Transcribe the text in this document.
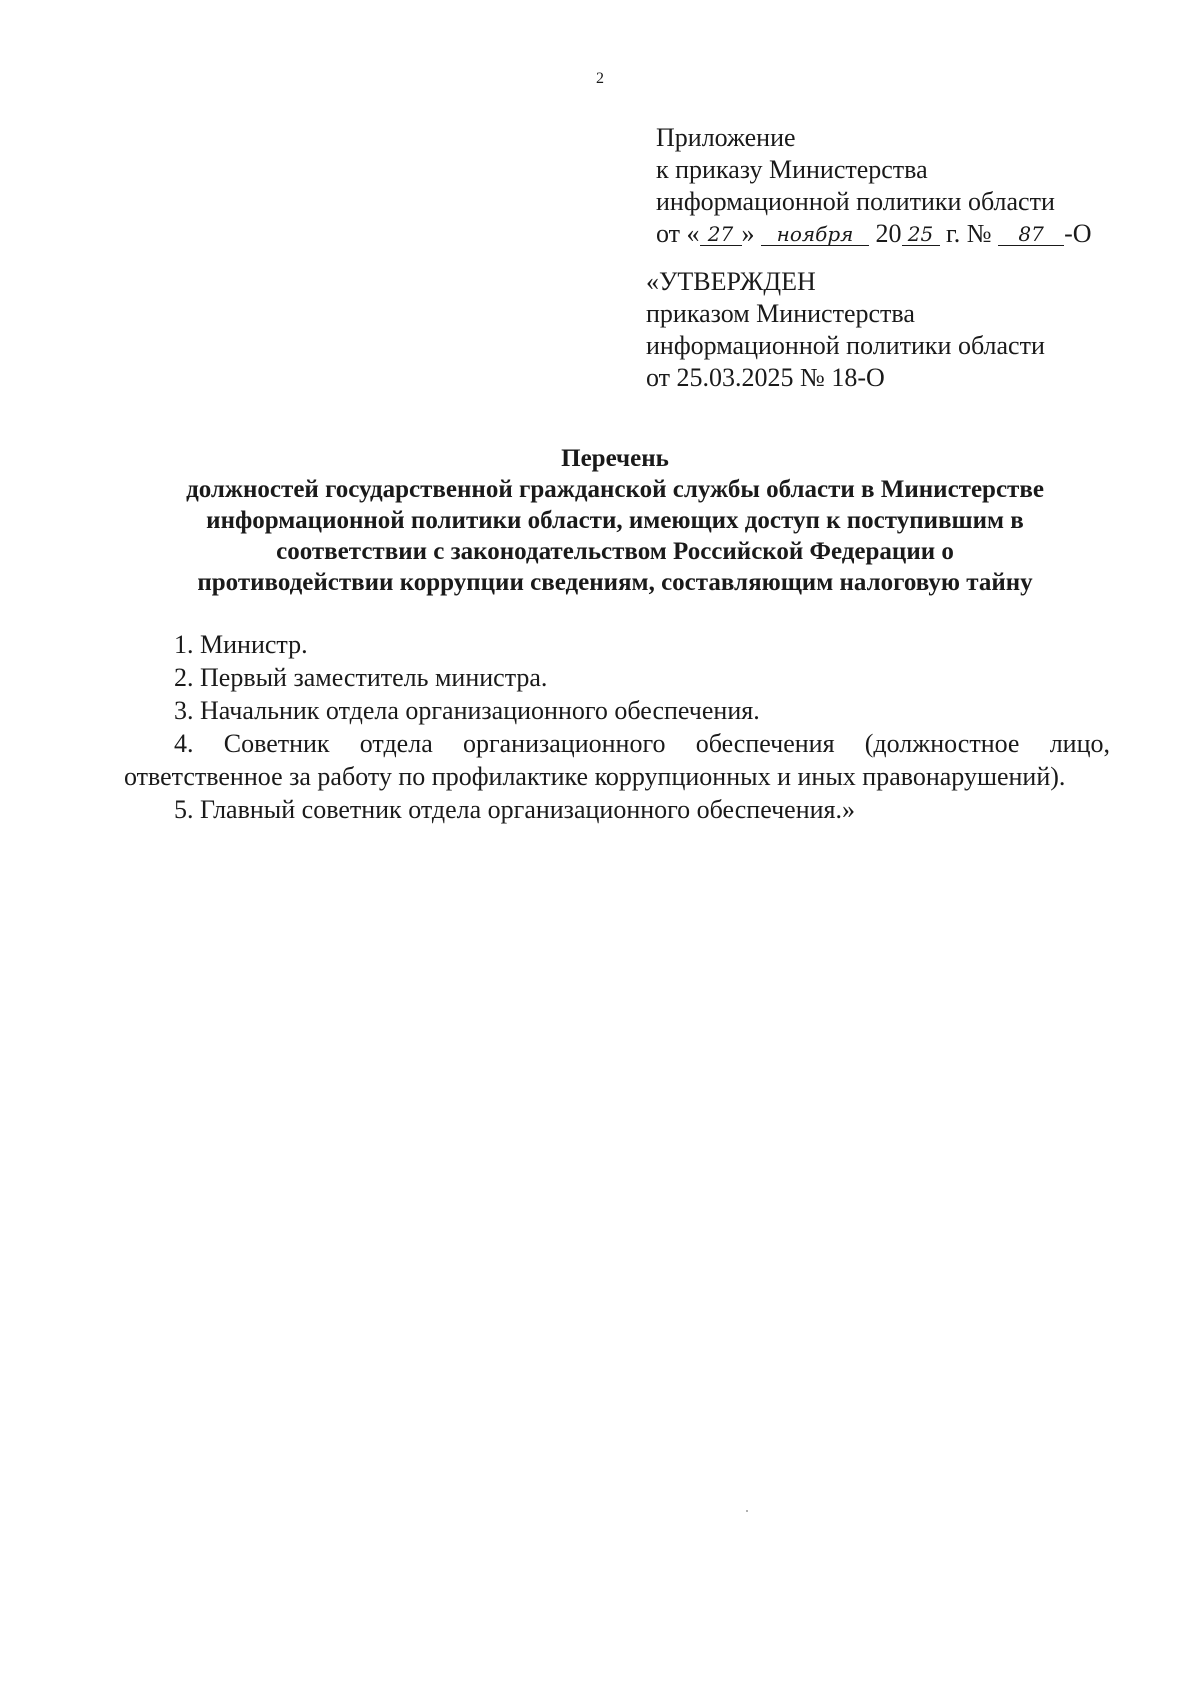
2
Приложение
к приказу Министерства
информационной политики области
от « 27 » ноября 20 25 г. № 87 -О
«УТВЕРЖДЕН
приказом Министерства
информационной политики области
от 25.03.2025 № 18-О
Перечень
должностей государственной гражданской службы области в Министерстве
информационной политики области, имеющих доступ к поступившим в
соответствии с законодательством Российской Федерации о
противодействии коррупции сведениям, составляющим налоговую тайну
1. Министр.
2. Первый заместитель министра.
3. Начальник отдела организационного обеспечения.
4. Советник отдела организационного обеспечения (должностное лицо, ответственное за работу по профилактике коррупционных и иных правонарушений).
5. Главный советник отдела организационного обеспечения.»
